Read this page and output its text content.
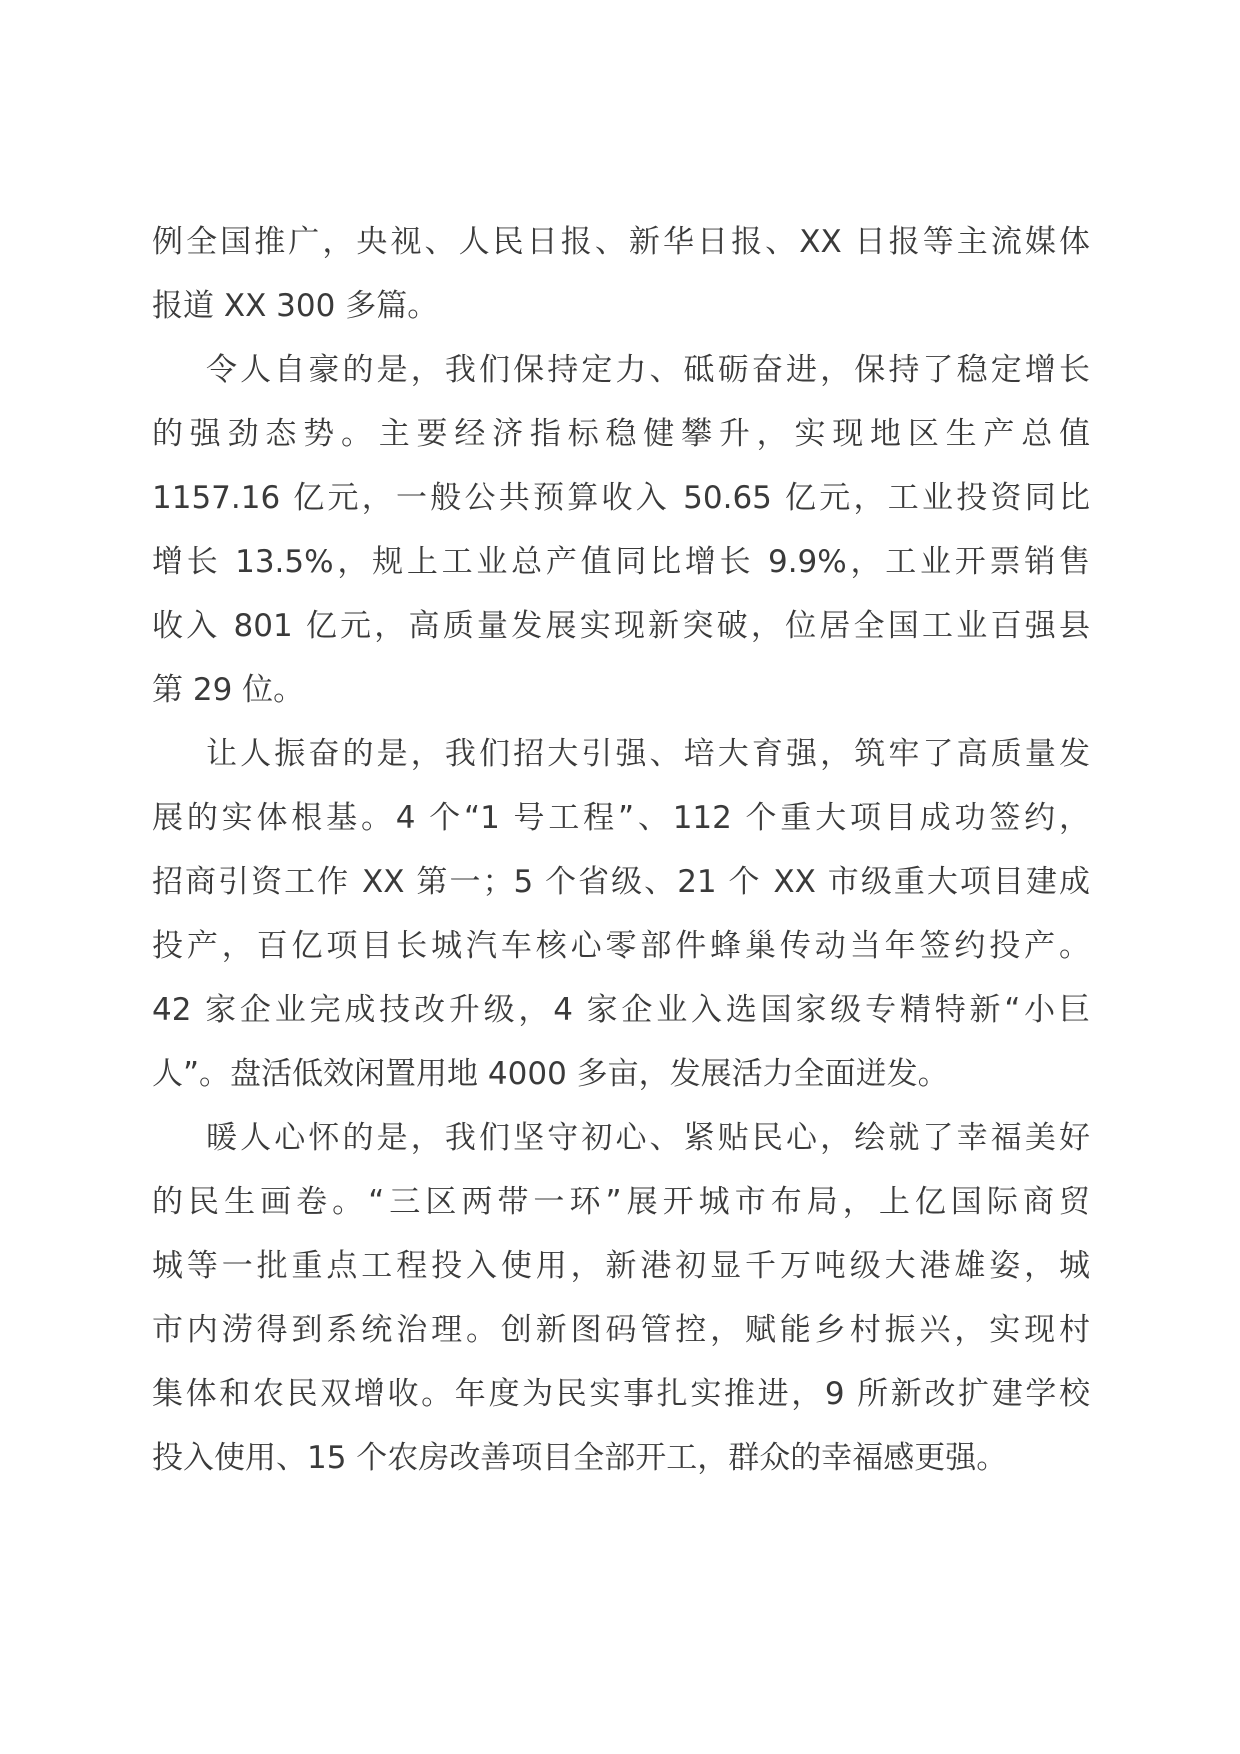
例全国推广，央视、人民日报、新华日报、XX 日报等主流媒体
报道 XX 300 多篇。
令人自豪的是，我们保持定力、砥砺奋进，保持了稳定增长
的强劲态势。主要经济指标稳健攀升，实现地区生产总值
1157.16 亿元，一般公共预算收入 50.65 亿元，工业投资同比
增长 13.5%，规上工业总产值同比增长 9.9%，工业开票销售
收入 801 亿元，高质量发展实现新突破，位居全国工业百强县
第 29 位。
让人振奋的是，我们招大引强、培大育强，筑牢了高质量发
展的实体根基。4 个“1 号工程”、112 个重大项目成功签约，
招商引资工作 XX 第一；5 个省级、21 个 XX 市级重大项目建成
投产，百亿项目长城汽车核心零部件蜂巢传动当年签约投产。
42 家企业完成技改升级，4 家企业入选国家级专精特新“小巨
人”。盘活低效闲置用地 4000 多亩，发展活力全面迸发。
暖人心怀的是，我们坚守初心、紧贴民心，绘就了幸福美好
的民生画卷。“三区两带一环”展开城市布局，上亿国际商贸
城等一批重点工程投入使用，新港初显千万吨级大港雄姿，城
市内涝得到系统治理。创新图码管控，赋能乡村振兴，实现村
集体和农民双增收。年度为民实事扎实推进，9 所新改扩建学校
投入使用、15 个农房改善项目全部开工，群众的幸福感更强。
